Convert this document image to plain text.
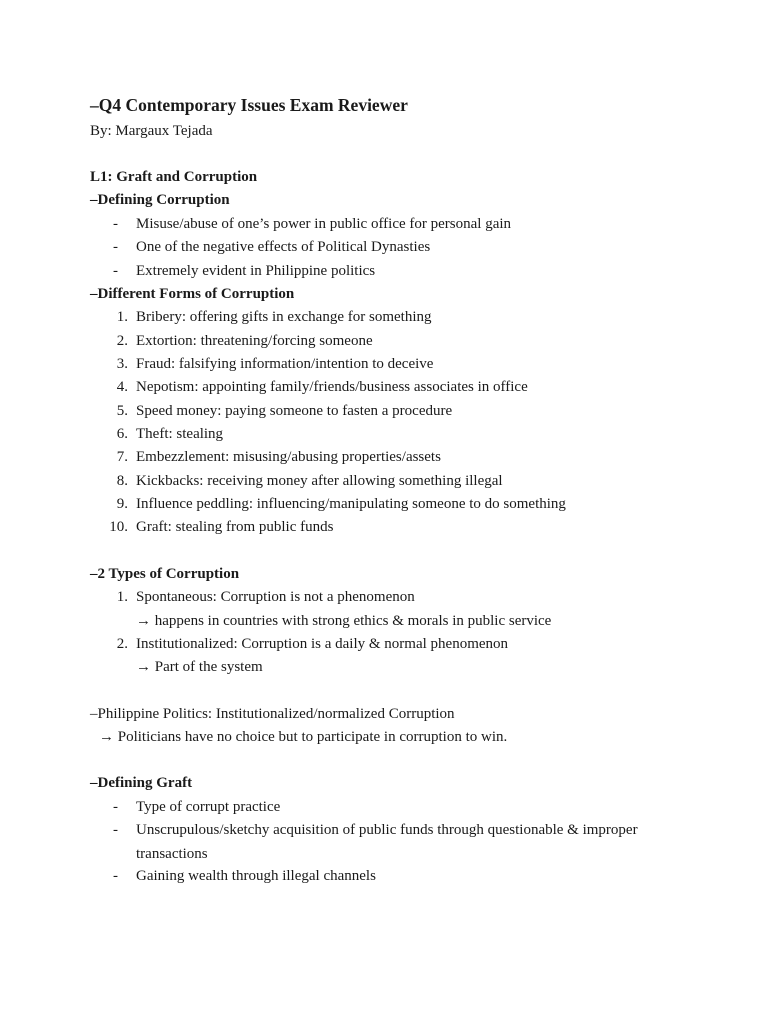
–Q4 Contemporary Issues Exam Reviewer
By: Margaux Tejada
L1: Graft and Corruption
–Defining Corruption
- Misuse/abuse of one’s power in public office for personal gain
- One of the negative effects of Political Dynasties
- Extremely evident in Philippine politics
–Different Forms of Corruption
1. Bribery: offering gifts in exchange for something
2. Extortion: threatening/forcing someone
3. Fraud: falsifying information/intention to deceive
4. Nepotism: appointing family/friends/business associates in office
5. Speed money: paying someone to fasten a procedure
6. Theft: stealing
7. Embezzlement: misusing/abusing properties/assets
8. Kickbacks: receiving money after allowing something illegal
9. Influence peddling: influencing/manipulating someone to do something
10. Graft: stealing from public funds
–2 Types of Corruption
1. Spontaneous: Corruption is not a phenomenon
→ happens in countries with strong ethics & morals in public service
2. Institutionalized: Corruption is a daily & normal phenomenon
→ Part of the system
–Philippine Politics: Institutionalized/normalized Corruption
→ Politicians have no choice but to participate in corruption to win.
–Defining Graft
- Type of corrupt practice
- Unscrupulous/sketchy acquisition of public funds through questionable & improper
transactions
- Gaining wealth through illegal channels
